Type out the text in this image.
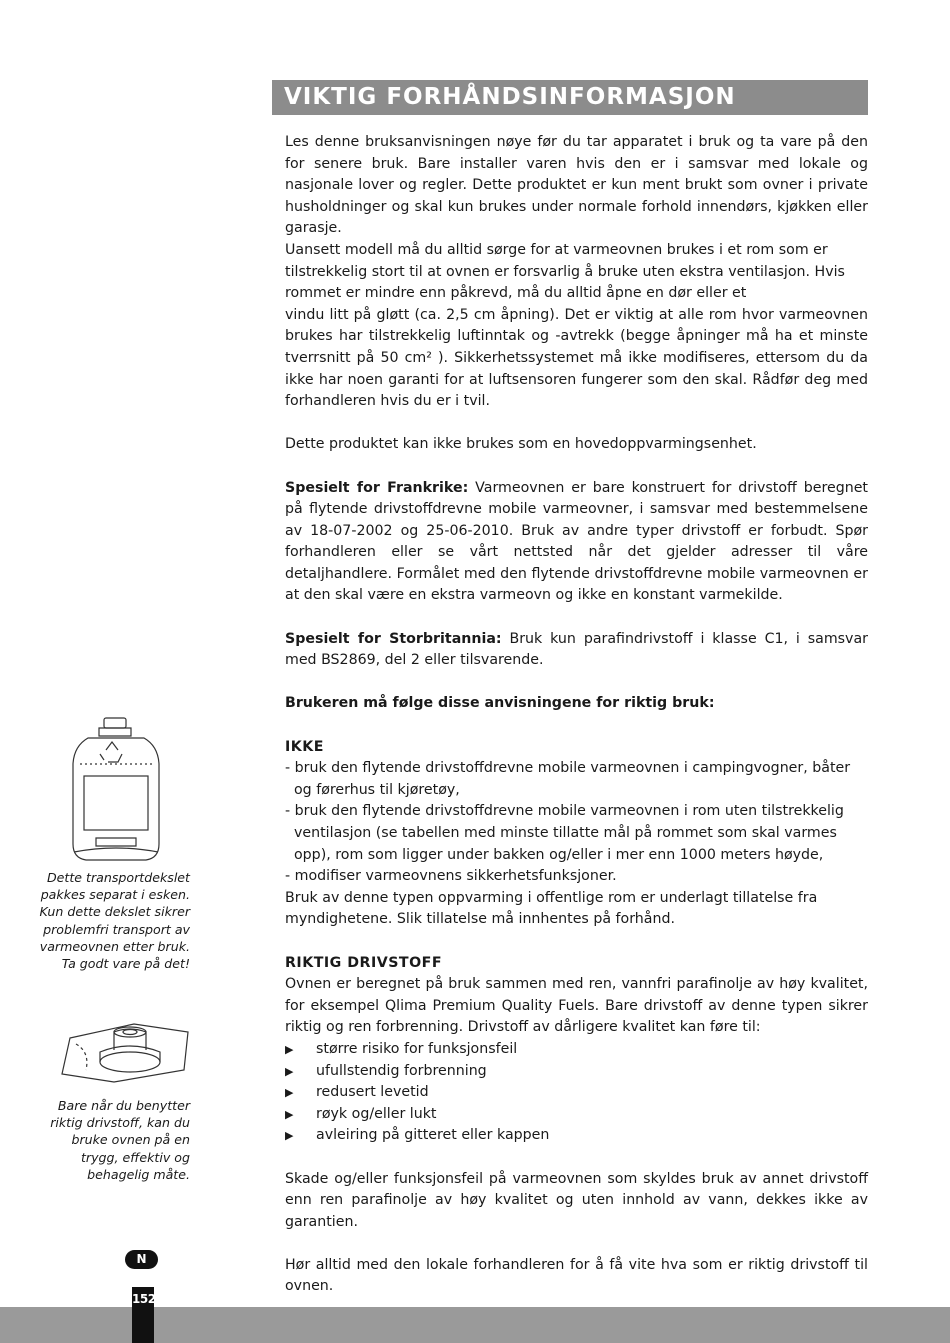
VIKTIG FORHÅNDSINFORMASJON

Les denne bruksanvisningen nøye før du tar apparatet i bruk og ta vare på den for senere bruk. Bare installer varen hvis den er i samsvar med lokale og nasjonale lover og regler. Dette produktet er kun ment brukt som ovner i private husholdninger og skal kun brukes under normale forhold innendørs, kjøkken eller garasje.

Uansett modell må du alltid sørge for at varmeovnen brukes i et rom som er tilstrekkelig stort til at ovnen er forsvarlig å bruke uten ekstra ventilasjon. Hvis rommet er mindre enn påkrevd, må du alltid åpne en dør eller et

vindu litt på gløtt (ca. 2,5 cm åpning). Det er viktig at alle rom hvor varmeovnen brukes har tilstrekkelig luftinntak og -avtrekk (begge åpninger må ha et minste tverrsnitt på 50 cm² ). Sikkerhetssystemet må ikke modifiseres, ettersom du da ikke har noen garanti for at luftsensoren fungerer som den skal. Rådfør deg med forhandleren hvis du er i tvil.

Dette produktet kan ikke brukes som en hovedoppvarmingsenhet.

Spesielt for Frankrike: Varmeovnen er bare konstruert for drivstoff beregnet på flytende drivstoffdrevne mobile varmeovner, i samsvar med bestemmelsene av 18-07-2002 og 25-06-2010. Bruk av andre typer drivstoff er forbudt. Spør forhandleren eller se vårt nettsted når det gjelder adresser til våre detaljhandlere. Formålet med den flytende drivstoffdrevne mobile varmeovnen er at den skal være en ekstra varmeovn og ikke en konstant varmekilde.

Spesielt for Storbritannia: Bruk kun parafindrivstoff i klasse C1, i samsvar med BS2869, del 2 eller tilsvarende.

Brukeren må følge disse anvisningene for riktig bruk:

IKKE

- bruk den flytende drivstoffdrevne mobile varmeovnen i campingvogner, båter og førerhus til kjøretøy,

- bruk den flytende drivstoffdrevne mobile varmeovnen i rom uten tilstrekkelig ventilasjon (se tabellen med minste tillatte mål på rommet som skal varmes opp), rom som ligger under bakken og/eller i mer enn 1000 meters høyde,

- modifiser varmeovnens sikkerhetsfunksjoner.

Bruk av denne typen oppvarming i offentlige rom er underlagt tillatelse fra myndighetene. Slik tillatelse må innhentes på forhånd.

RIKTIG DRIVSTOFF

Ovnen er beregnet på bruk sammen med ren, vannfri parafinolje av høy kvalitet, for eksempel Qlima Premium Quality Fuels. Bare drivstoff av denne typen sikrer riktig og ren forbrenning. Drivstoff av dårligere kvalitet kan føre til:

▶	større risiko for funksjonsfeil
▶	ufullstendig forbrenning
▶	redusert levetid
▶	røyk og/eller lukt
▶	avleiring på gitteret eller kappen

Skade og/eller funksjonsfeil på varmeovnen som skyldes bruk av annet drivstoff enn ren parafinolje av høy kvalitet og uten innhold av vann, dekkes ikke av garantien.

Hør alltid med den lokale forhandleren for å få vite hva som er riktig drivstoff til ovnen.

Dette transportdekslet pakkes separat i esken. Kun dette dekslet sikrer problemfri transport av varmeovnen etter bruk. Ta godt vare på det!
Bare når du benytter riktig drivstoff, kan du bruke ovnen på en trygg, effektiv og behagelig måte.
N
152
